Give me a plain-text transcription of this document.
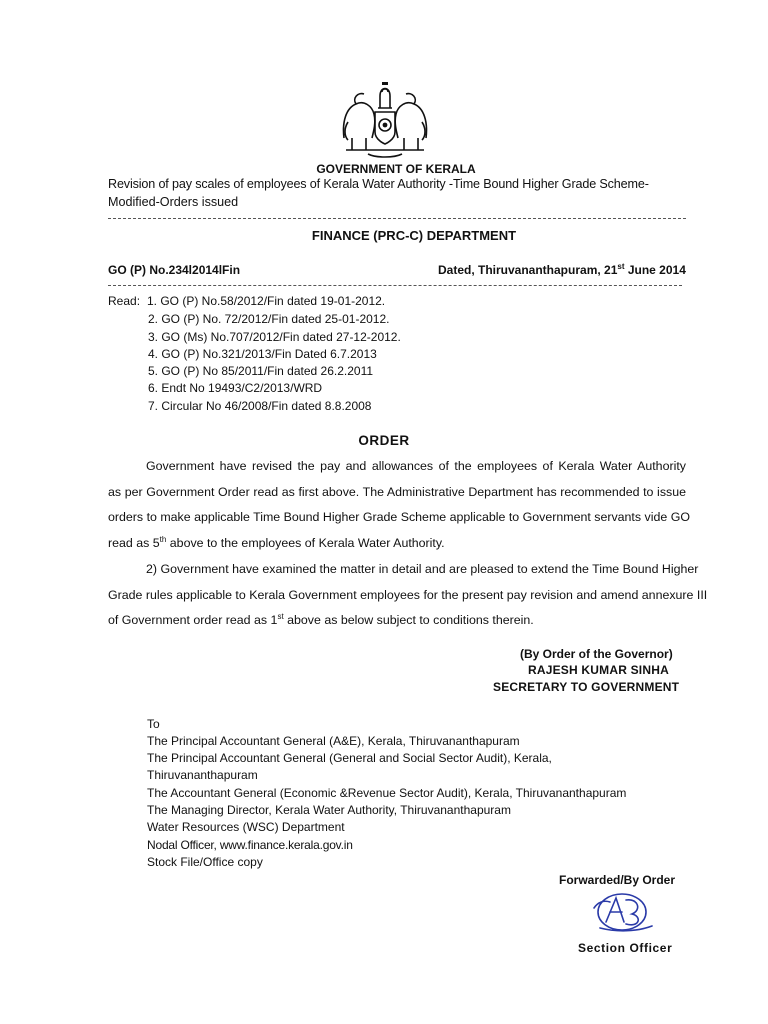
GOVERNMENT OF KERALA
Revision of pay scales of employees of Kerala Water Authority -Time Bound Higher Grade Scheme-
Modified-Orders issued
FINANCE (PRC-C) DEPARTMENT
GO (P) No.234l2014lFin	Dated, Thiruvananthapuram, 21st June 2014
Read: 1. GO (P) No.58/2012/Fin dated 19-01-2012.
2. GO (P) No. 72/2012/Fin dated 25-01-2012.
3. GO (Ms) No.707/2012/Fin dated 27-12-2012.
4. GO (P) No.321/2013/Fin Dated 6.7.2013
5. GO (P) No 85/2011/Fin dated 26.2.2011
6. Endt No 19493/C2/2013/WRD
7. Circular No 46/2008/Fin dated 8.8.2008
ORDER
Government have revised the pay and allowances of the employees of Kerala Water Authority
as per Government Order read as first above. The Administrative Department has recommended to issue
orders to make applicable Time Bound Higher Grade Scheme applicable to Government servants vide GO
read as 5th above to the employees of Kerala Water Authority.
2) Government have examined the matter in detail and are pleased to extend the Time Bound Higher
Grade rules applicable to Kerala Government employees for the present pay revision and amend annexure III
of Government order read as 1st above as below subject to conditions therein.
(By Order of the Governor)
RAJESH KUMAR SINHA
SECRETARY TO GOVERNMENT
To
The Principal Accountant General (A&E), Kerala, Thiruvananthapuram
The Principal Accountant General (General and Social Sector Audit), Kerala,
Thiruvananthapuram
The Accountant General (Economic &Revenue Sector Audit), Kerala, Thiruvananthapuram
The Managing Director, Kerala Water Authority, Thiruvananthapuram
Water Resources (WSC) Department
Nodal Officer, www.finance.kerala.gov.in
Stock File/Office copy
Forwarded/By Order
Section Officer
